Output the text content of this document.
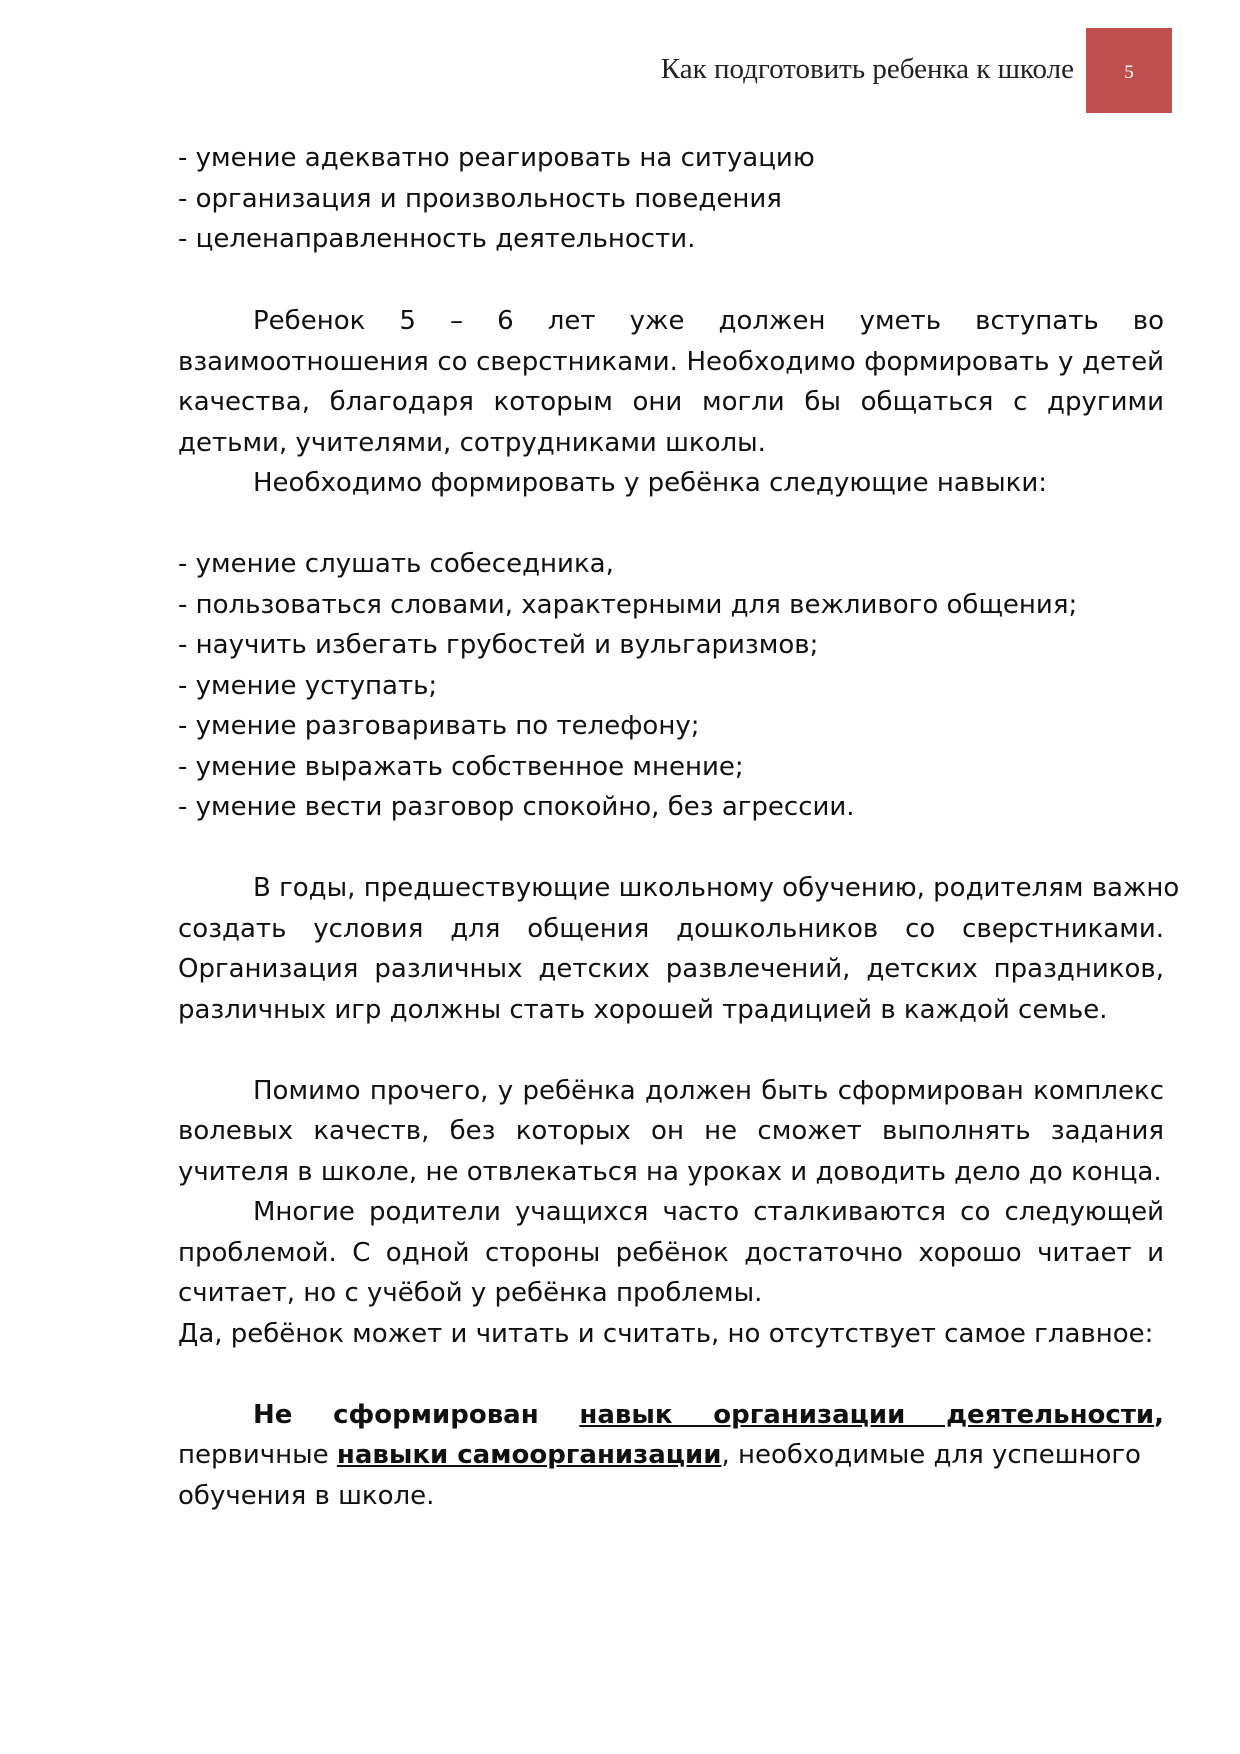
Как подготовить ребенка к школе	5
- умение адекватно реагировать на ситуацию
- организация и произвольность поведения
- целенаправленность деятельности.
Ребенок 5 – 6 лет уже должен уметь вступать во
взаимоотношения со сверстниками. Необходимо формировать у детей
качества, благодаря которым они могли бы общаться с другими
детьми, учителями, сотрудниками школы.
Необходимо формировать у ребёнка следующие навыки:
- умение слушать собеседника,
- пользоваться словами, характерными для вежливого общения;
- научить избегать грубостей и вульгаризмов;
- умение уступать;
- умение разговаривать по телефону;
- умение выражать собственное мнение;
- умение вести разговор спокойно, без агрессии.
В годы, предшествующие школьному обучению, родителям важно
создать условия для общения дошкольников со сверстниками.
Организация различных детских развлечений, детских праздников,
различных игр должны стать хорошей традицией в каждой семье.
Помимо прочего, у ребёнка должен быть сформирован комплекс
волевых качеств, без которых он не сможет выполнять задания
учителя в школе, не отвлекаться на уроках и доводить дело до конца.
Многие родители учащихся часто сталкиваются со следующей
проблемой. С одной стороны ребёнок достаточно хорошо читает и
считает, но с учёбой у ребёнка проблемы.
Да, ребёнок может и читать и считать, но отсутствует самое главное:
Не сформирован навык организации деятельности,
первичные навыки самоорганизации, необходимые для успешного
обучения в школе.
